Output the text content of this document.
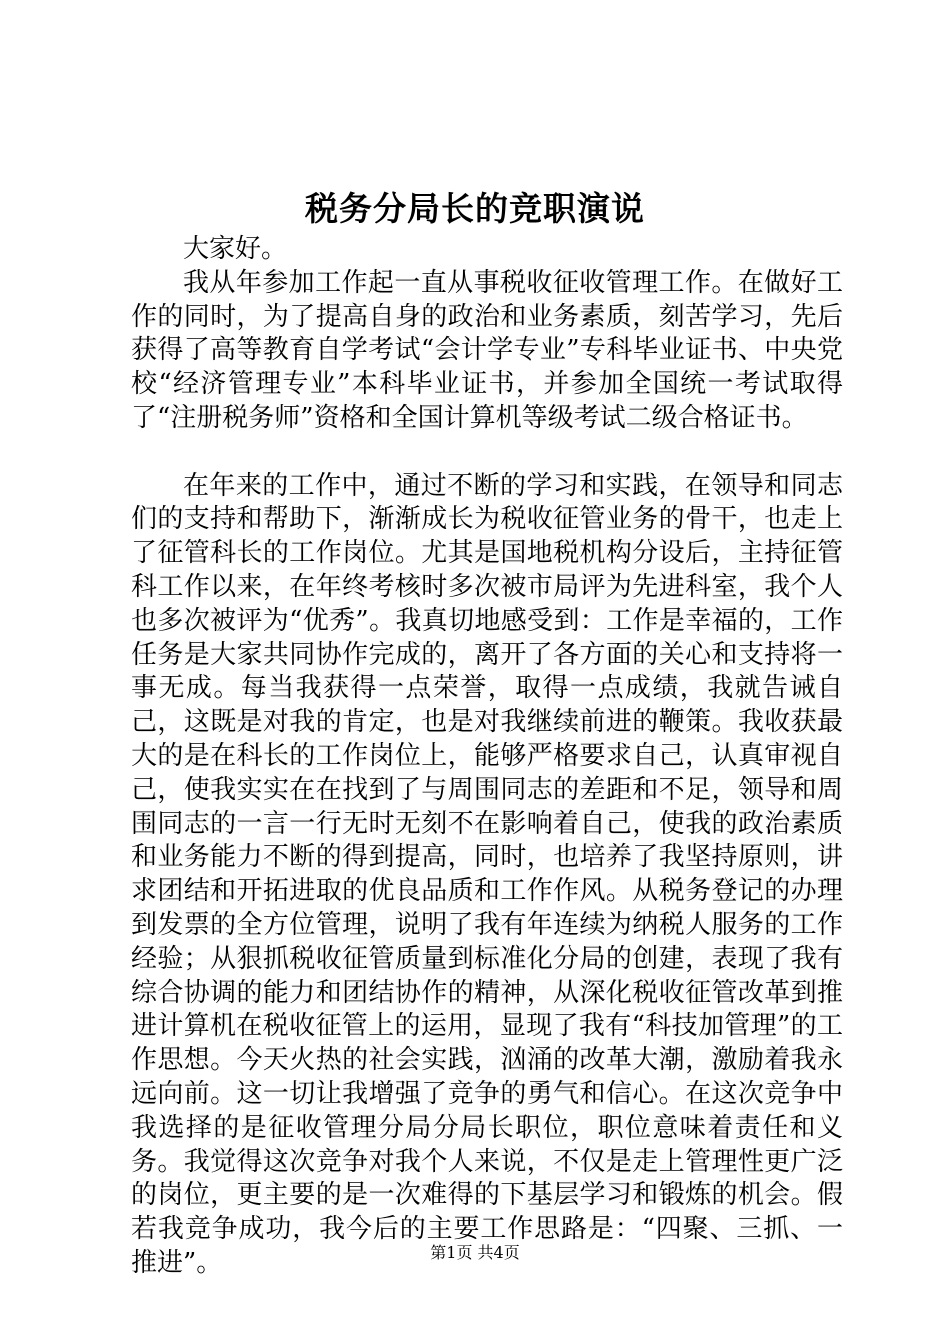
税务分局长的竞职演说

大家好。

我从年参加工作起一直从事税收征收管理工作。在做好工作的同时，为了提高自身的政治和业务素质，刻苦学习，先后获得了高等教育自学考试“会计学专业”专科毕业证书、中央党校“经济管理专业”本科毕业证书，并参加全国统一考试取得了“注册税务师”资格和全国计算机等级考试二级合格证书。

在年来的工作中，通过不断的学习和实践，在领导和同志们的支持和帮助下，渐渐成长为税收征管业务的骨干，也走上了征管科长的工作岗位。尤其是国地税机构分设后，主持征管科工作以来，在年终考核时多次被市局评为先进科室，我个人也多次被评为“优秀”。我真切地感受到：工作是幸福的，工作任务是大家共同协作完成的，离开了各方面的关心和支持将一事无成。每当我获得一点荣誉，取得一点成绩，我就告诫自己，这既是对我的肯定，也是对我继续前进的鞭策。我收获最大的是在科长的工作岗位上，能够严格要求自己，认真审视自己，使我实实在在找到了与周围同志的差距和不足，领导和周围同志的一言一行无时无刻不在影响着自己，使我的政治素质和业务能力不断的得到提高，同时，也培养了我坚持原则，讲求团结和开拓进取的优良品质和工作作风。从税务登记的办理到发票的全方位管理，说明了我有年连续为纳税人服务的工作经验；从狠抓税收征管质量到标准化分局的创建，表现了我有综合协调的能力和团结协作的精神，从深化税收征管改革到推进计算机在税收征管上的运用，显现了我有“科技加管理”的工作思想。今天火热的社会实践，汹涌的改革大潮，激励着我永远向前。这一切让我增强了竞争的勇气和信心。在这次竞争中我选择的是征收管理分局分局长职位，职位意味着责任和义务。我觉得这次竞争对我个人来说，不仅是走上管理性更广泛的岗位，更主要的是一次难得的下基层学习和锻炼的机会。假若我竞争成功，我今后的主要工作思路是：“四聚、三抓、一推进”。	第1页 共4页
